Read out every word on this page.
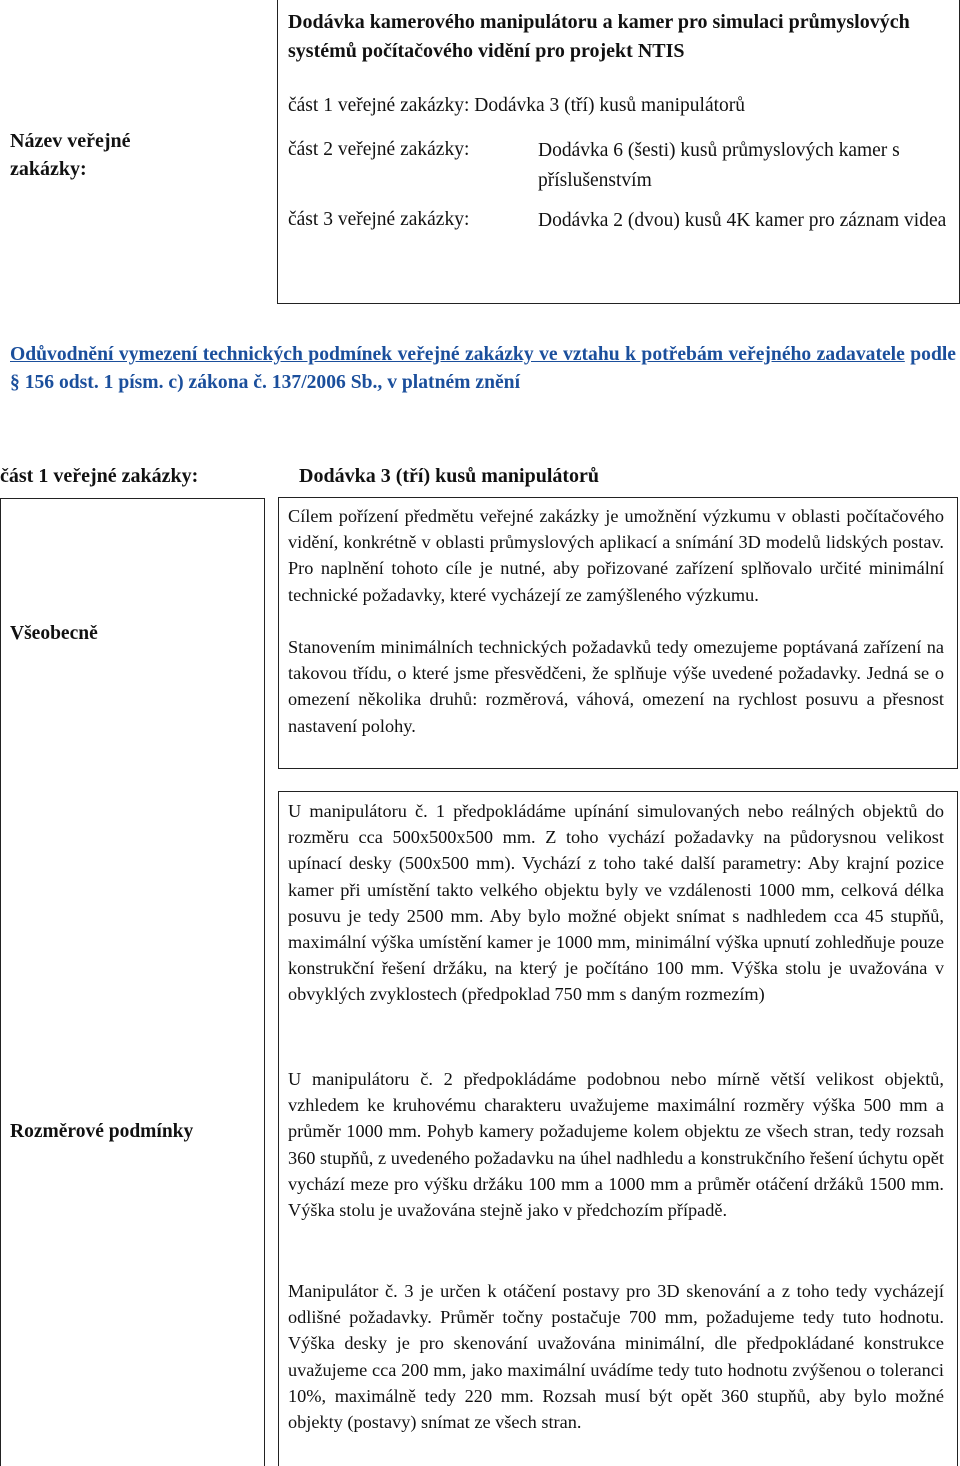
Název veřejné zakázky:
Dodávka kamerového manipulátoru a kamer pro simulaci průmyslových systémů počítačového vidění pro projekt NTIS
část 1 veřejné zakázky: Dodávka 3 (tří) kusů manipulátorů
část 2 veřejné zakázky:	Dodávka 6 (šesti) kusů průmyslových kamer s příslušenstvím
část 3 veřejné zakázky:	Dodávka 2 (dvou) kusů 4K kamer pro záznam videa
Odůvodnění vymezení technických podmínek veřejné zakázky ve vztahu k potřebám veřejného zadavatele podle § 156 odst. 1 písm. c) zákona č. 137/2006 Sb., v platném znění
část 1 veřejné zakázky:	Dodávka 3 (tří) kusů manipulátorů
Všeobecně
Cílem pořízení předmětu veřejné zakázky je umožnění výzkumu v oblasti počítačového vidění, konkrétně v oblasti průmyslových aplikací a snímání 3D modelů lidských postav. Pro naplnění tohoto cíle je nutné, aby pořizované zařízení splňovalo určité minimální technické požadavky, které vycházejí ze zamýšleného výzkumu.
Stanovením minimálních technických požadavků tedy omezujeme poptávaná zařízení na takovou třídu, o které jsme přesvědčeni, že splňuje výše uvedené požadavky. Jedná se o omezení několika druhů: rozměrová, váhová, omezení na rychlost posuvu a přesnost nastavení polohy.
Rozměrové podmínky
U manipulátoru č. 1 předpokládáme upínání simulovaných nebo reálných objektů do rozměru cca 500x500x500 mm. Z toho vychází požadavky na půdorysnou velikost upínací desky (500x500 mm). Vychází z toho také další parametry: Aby krajní pozice kamer při umístění takto velkého objektu byly ve vzdálenosti 1000 mm, celková délka posuvu je tedy 2500 mm. Aby bylo možné objekt snímat s nadhledem cca 45 stupňů, maximální výška umístění kamer je 1000 mm, minimální výška upnutí zohledňuje pouze konstrukční řešení držáku, na který je počítáno 100 mm. Výška stolu je uvažována v obvyklých zvyklostech (předpoklad 750 mm s daným rozmezím)
U manipulátoru č. 2 předpokládáme podobnou nebo mírně větší velikost objektů, vzhledem ke kruhovému charakteru uvažujeme maximální rozměry výška 500 mm a průměr 1000 mm. Pohyb kamery požadujeme kolem objektu ze všech stran, tedy rozsah 360 stupňů, z uvedeného požadavku na úhel nadhledu a konstrukčního řešení úchytu opět vychází meze pro výšku držáku 100 mm a 1000 mm a průměr otáčení držáků 1500 mm. Výška stolu je uvažována stejně jako v předchozím případě.
Manipulátor č. 3 je určen k otáčení postavy pro 3D skenování a z toho tedy vycházejí odlišné požadavky. Průměr točny postačuje 700 mm, požadujeme tedy tuto hodnotu. Výška desky je pro skenování uvažována minimální, dle předpokládané konstrukce uvažujeme cca 200 mm, jako maximální uvádíme tedy tuto hodnotu zvýšenou o toleranci 10%, maximálně tedy 220 mm. Rozsah musí být opět 360 stupňů, aby bylo možné objekty (postavy) snímat ze všech stran.
